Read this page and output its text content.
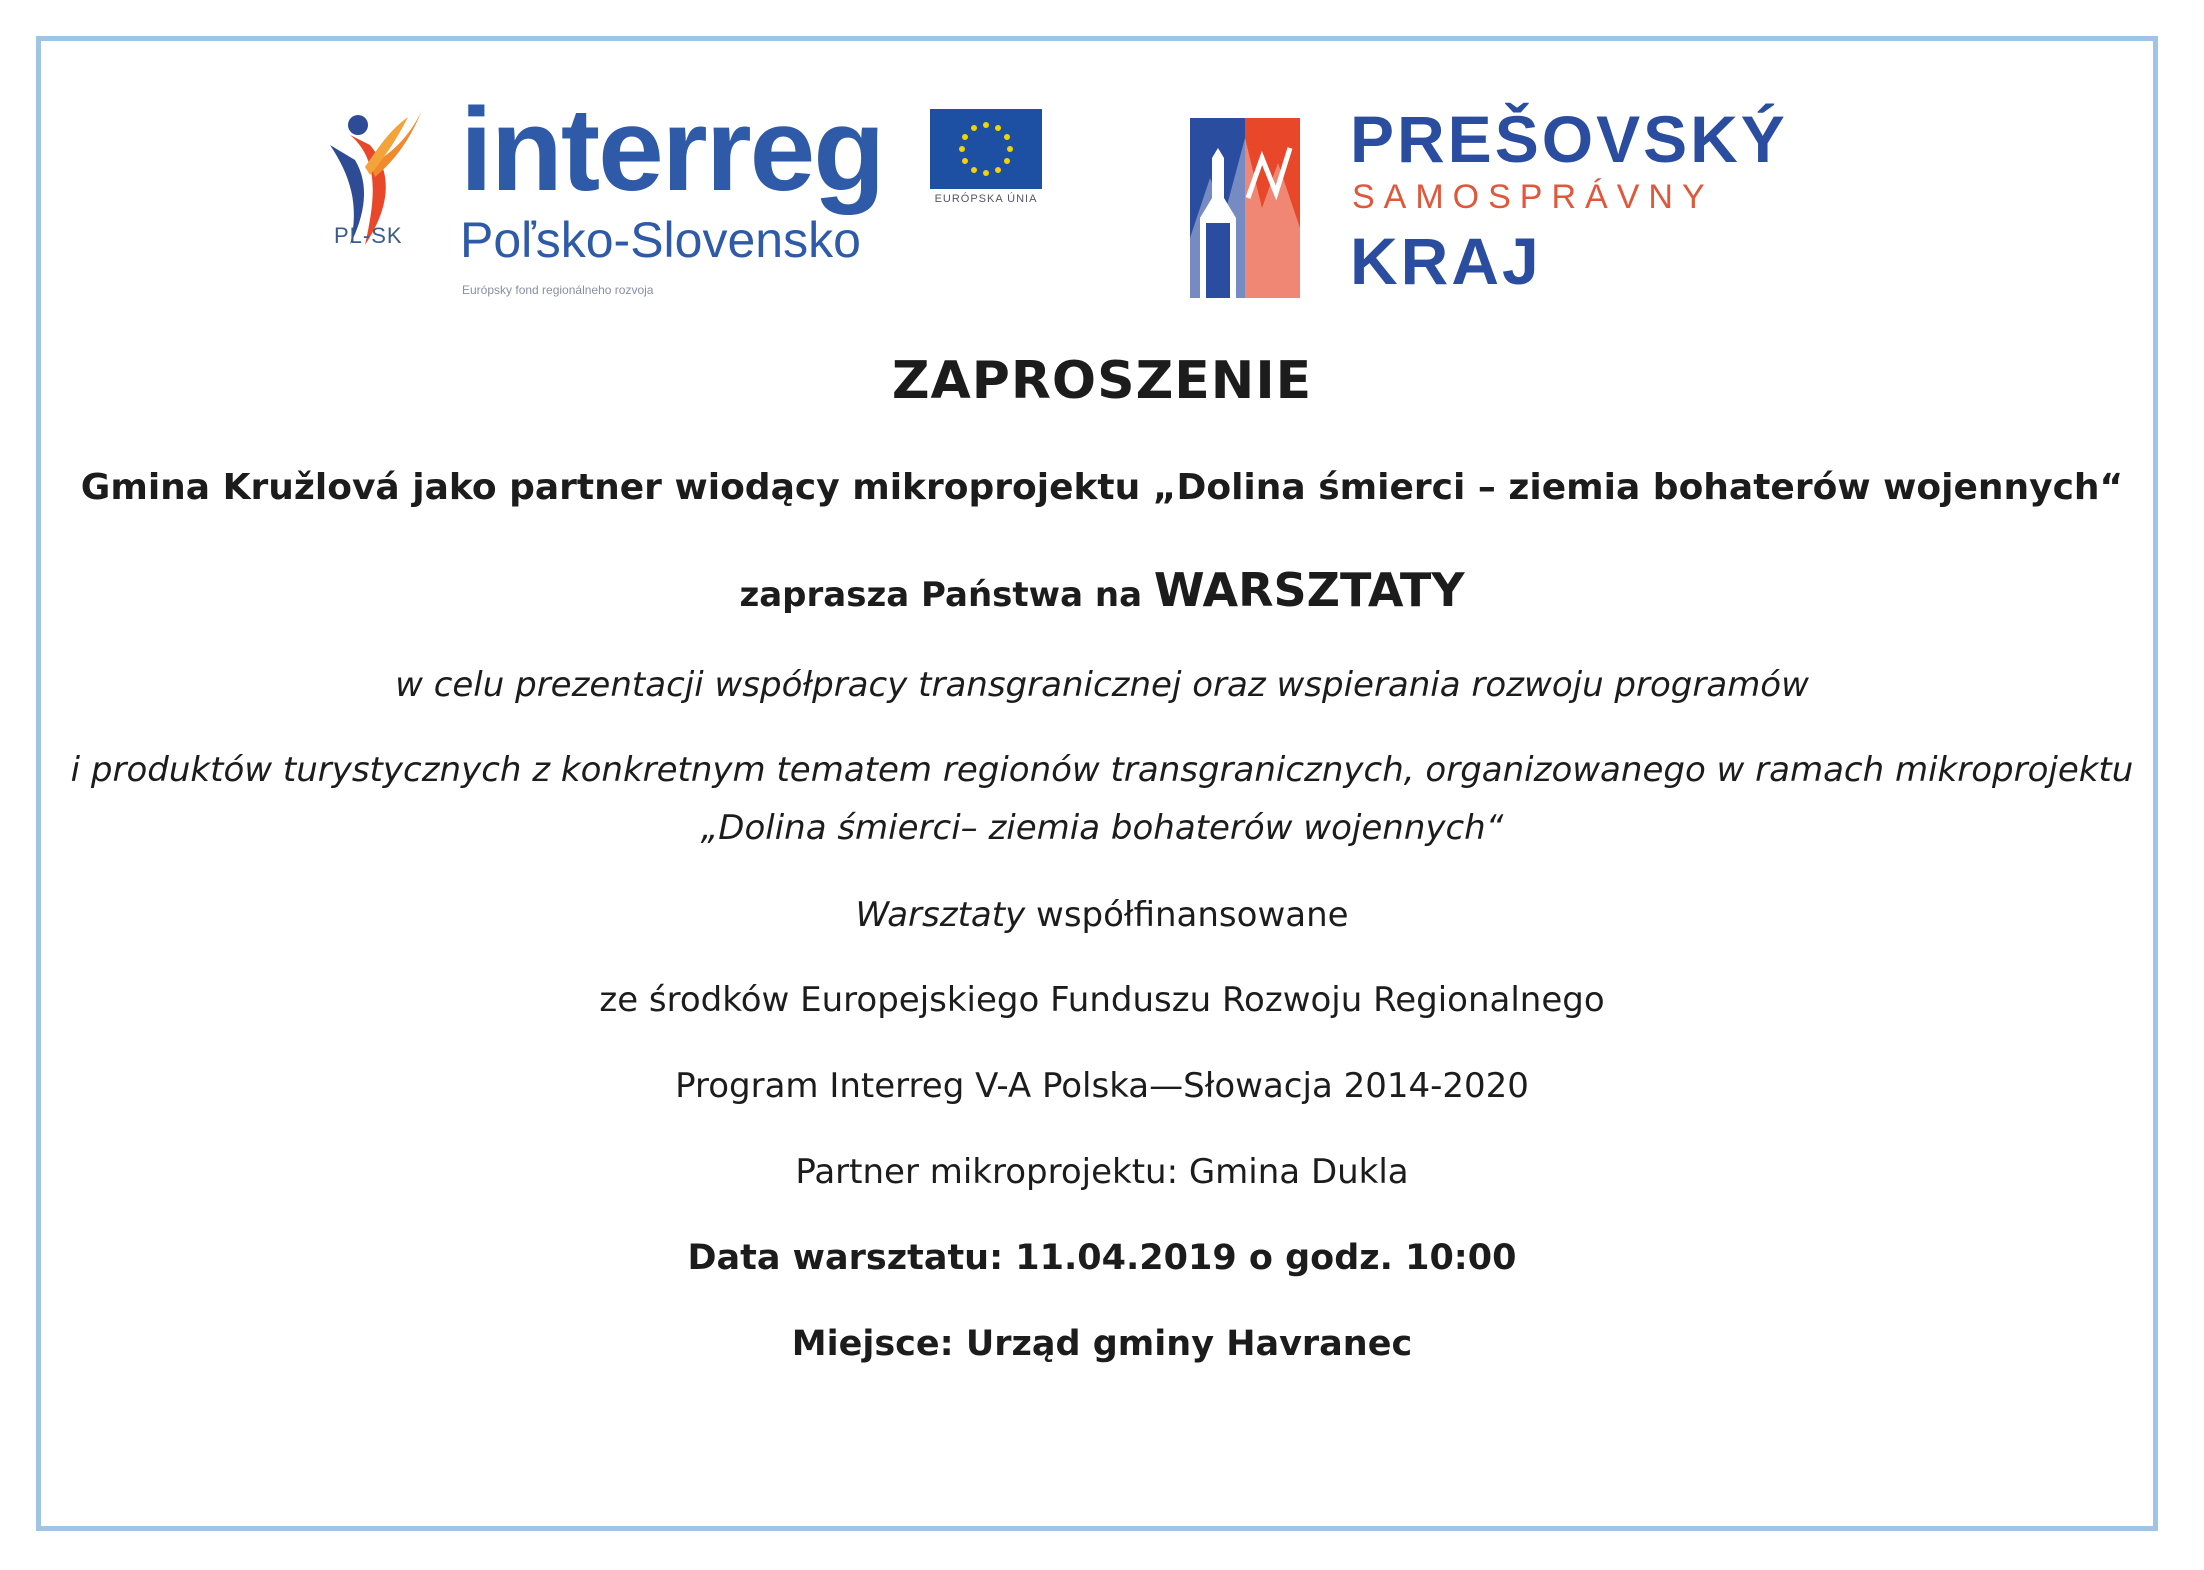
PL-SK
interreg
Poľsko-Slovensko
Európsky fond regionálneho rozvoja
EURÓPSKA ÚNIA
PREŠOVSKÝ
SAMOSPRÁVNY
KRAJ
ZAPROSZENIE
Gmina Kružlová jako partner wiodący mikroprojektu „Dolina śmierci – ziemia bohaterów wojennych“
zaprasza Państwa na WARSZTATY
w celu prezentacji współpracy transgranicznej oraz wspierania rozwoju programów
i produktów turystycznych z konkretnym tematem regionów transgranicznych, organizowanego w ramach mikroprojektu
„Dolina śmierci– ziemia bohaterów wojennych“
Warsztaty współfinansowane
ze środków Europejskiego Funduszu Rozwoju Regionalnego
Program Interreg V-A Polska—Słowacja 2014-2020
Partner mikroprojektu: Gmina Dukla
Data warsztatu: 11.04.2019 o godz. 10:00
Miejsce: Urząd gminy Havranec
